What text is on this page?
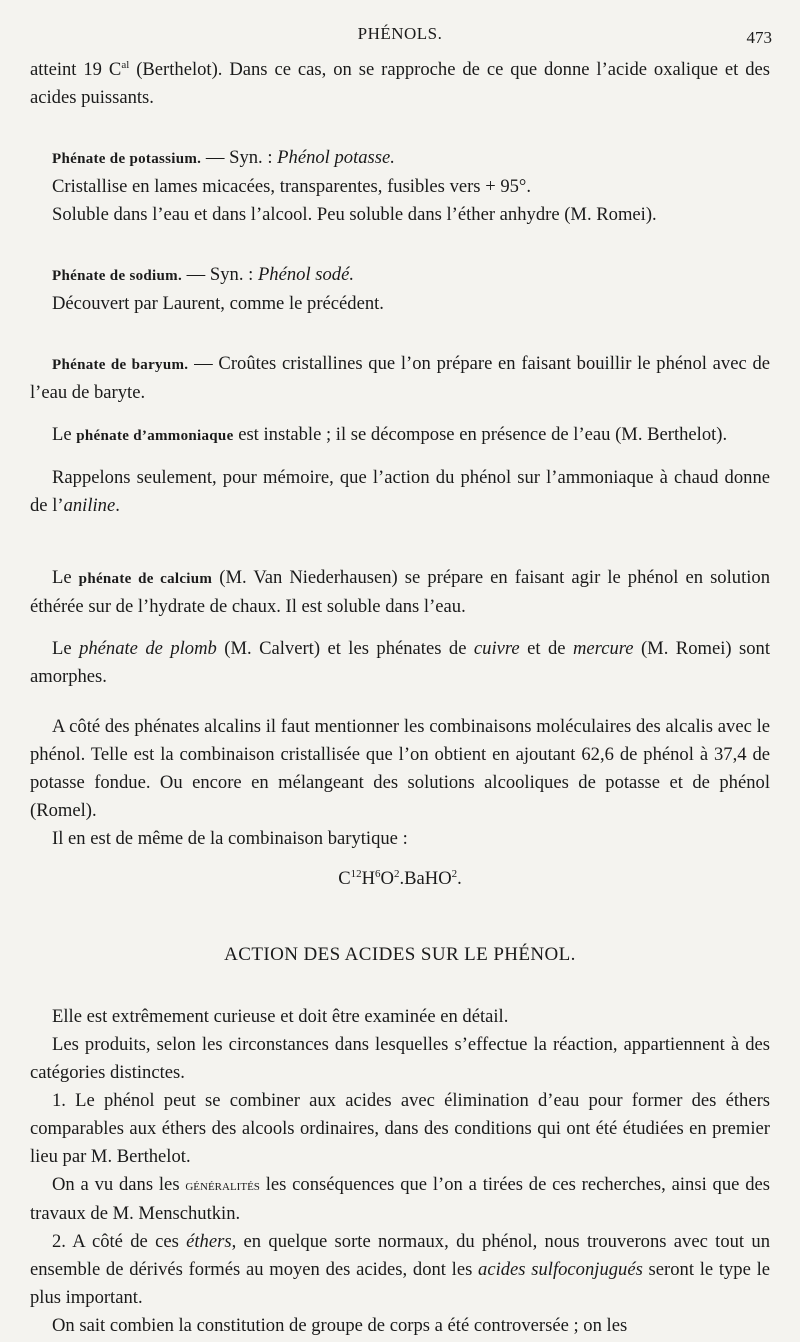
PHÉNOLS.	473

atteint 19 $C^{al}$ (Berthelot). Dans ce cas, on se rapproche de ce que donne l’acide oxalique et des acides puissants.

Phénate de potassium. — Syn. : Phénol potasse.

Cristallise en lames micacées, transparentes, fusibles vers + 95°.

Soluble dans l’eau et dans l’alcool. Peu soluble dans l’éther anhydre (M. Romei).

Phénate de sodium. — Syn. : Phénol sodé.

Découvert par Laurent, comme le précédent.

Phénate de baryum. — Croûtes cristallines que l’on prépare en faisant bouillir le phénol avec de l’eau de baryte.

Le phénate d’ammoniaque est instable ; il se décompose en présence de l’eau (M. Berthelot).

Rappelons seulement, pour mémoire, que l’action du phénol sur l’ammoniaque à chaud donne de l’aniline.

Le phénate de calcium (M. Van Niederhausen) se prépare en faisant agir le phénol en solution éthérée sur de l’hydrate de chaux. Il est soluble dans l’eau.

Le phénate de plomb (M. Calvert) et les phénates de cuivre et de mercure (M. Romei) sont amorphes.

A côté des phénates alcalins il faut mentionner les combinaisons moléculaires des alcalis avec le phénol. Telle est la combinaison cristallisée que l’on obtient en ajoutant 62,6 de phénol à 37,4 de potasse fondue. Ou encore en mélangeant des solutions alcooliques de potasse et de phénol (Romel).

Il en est de même de la combinaison barytique :

$C^{12}H^6O^2.BaHO^2$.

ACTION DES ACIDES SUR LE PHÉNOL.

Elle est extrêmement curieuse et doit être examinée en détail.

Les produits, selon les circonstances dans lesquelles s’effectue la réaction, appartiennent à des catégories distinctes.

1. Le phénol peut se combiner aux acides avec élimination d’eau pour former des éthers comparables aux éthers des alcools ordinaires, dans des conditions qui ont été étudiées en premier lieu par M. Berthelot.

On a vu dans les généralités les conséquences que l’on a tirées de ces recherches, ainsi que des travaux de M. Menschutkin.

2. A côté de ces éthers, en quelque sorte normaux, du phénol, nous trouverons avec tout un ensemble de dérivés formés au moyen des acides, dont les acides sulfoconjugués seront le type le plus important.

On sait combien la constitution de groupe de corps a été controversée ; on les
